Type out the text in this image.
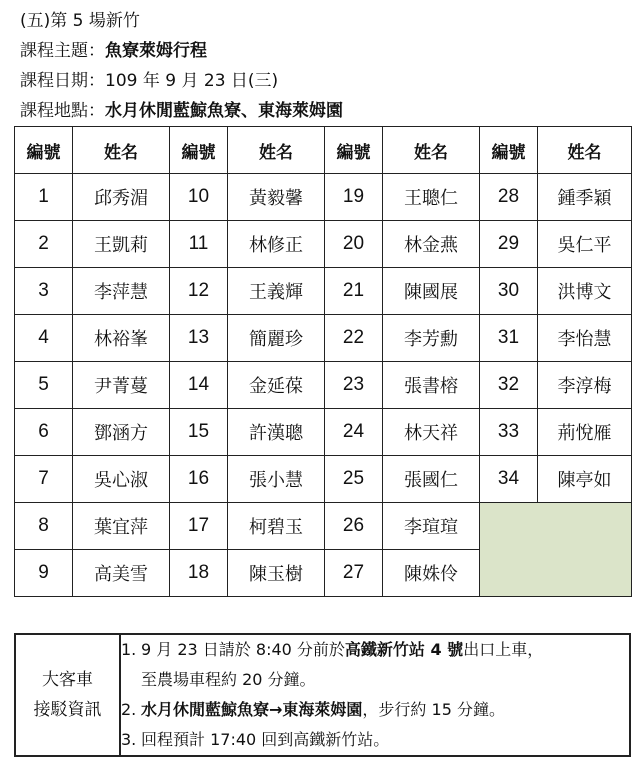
(五)第 5 場新竹
課程主題：魚寮萊姆行程
課程日期：109 年 9 月 23 日(三)
課程地點：水月休閒藍鯨魚寮、東海萊姆園
編號	姓名	編號	姓名	編號	姓名	編號	姓名
1	邱秀湄	10	黃毅馨	19	王聰仁	28	鍾季穎
2	王凱莉	11	林修正	20	林金燕	29	吳仁平
3	李萍慧	12	王義輝	21	陳國展	30	洪博文
4	林裕峯	13	簡麗珍	22	李芳勳	31	李怡慧
5	尹菁蔓	14	金延葆	23	張書榕	32	李淳梅
6	鄧涵方	15	許漢聰	24	林天祥	33	荊悅雁
7	吳心淑	16	張小慧	25	張國仁	34	陳亭如
8	葉宜萍	17	柯碧玉	26	李瑄瑄		
9	高美雪	18	陳玉樹	27	陳姝伶		
大客車
接駁資訊

1. 9 月 23 日請於 8:40 分前於高鐵新竹站 4 號出口上車，
至農場車程約 20 分鐘。
2. 水月休閒藍鯨魚寮→東海萊姆園，步行約 15 分鐘。
3. 回程預計 17:40 回到高鐵新竹站。
